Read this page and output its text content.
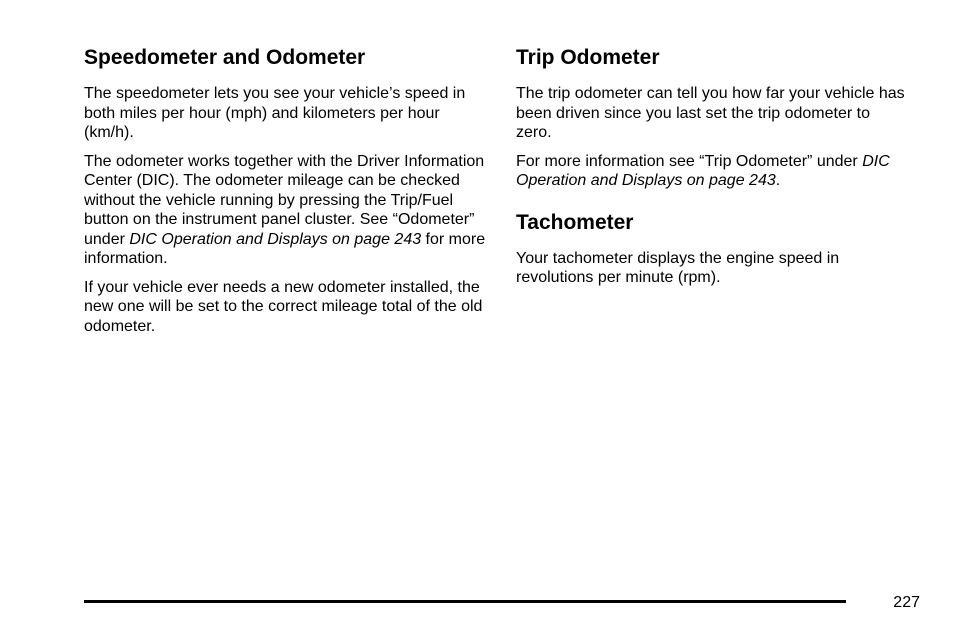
Speedometer and Odometer

The speedometer lets you see your vehicle’s speed in both miles per hour (mph) and kilometers per hour (km/h).

The odometer works together with the Driver Information Center (DIC). The odometer mileage can be checked without the vehicle running by pressing the Trip/Fuel button on the instrument panel cluster. See “Odometer” under DIC Operation and Displays on page 243 for more information.

If your vehicle ever needs a new odometer installed, the new one will be set to the correct mileage total of the old odometer.

Trip Odometer

The trip odometer can tell you how far your vehicle has been driven since you last set the trip odometer to zero.

For more information see “Trip Odometer” under DIC Operation and Displays on page 243.

Tachometer

Your tachometer displays the engine speed in revolutions per minute (rpm).

227
